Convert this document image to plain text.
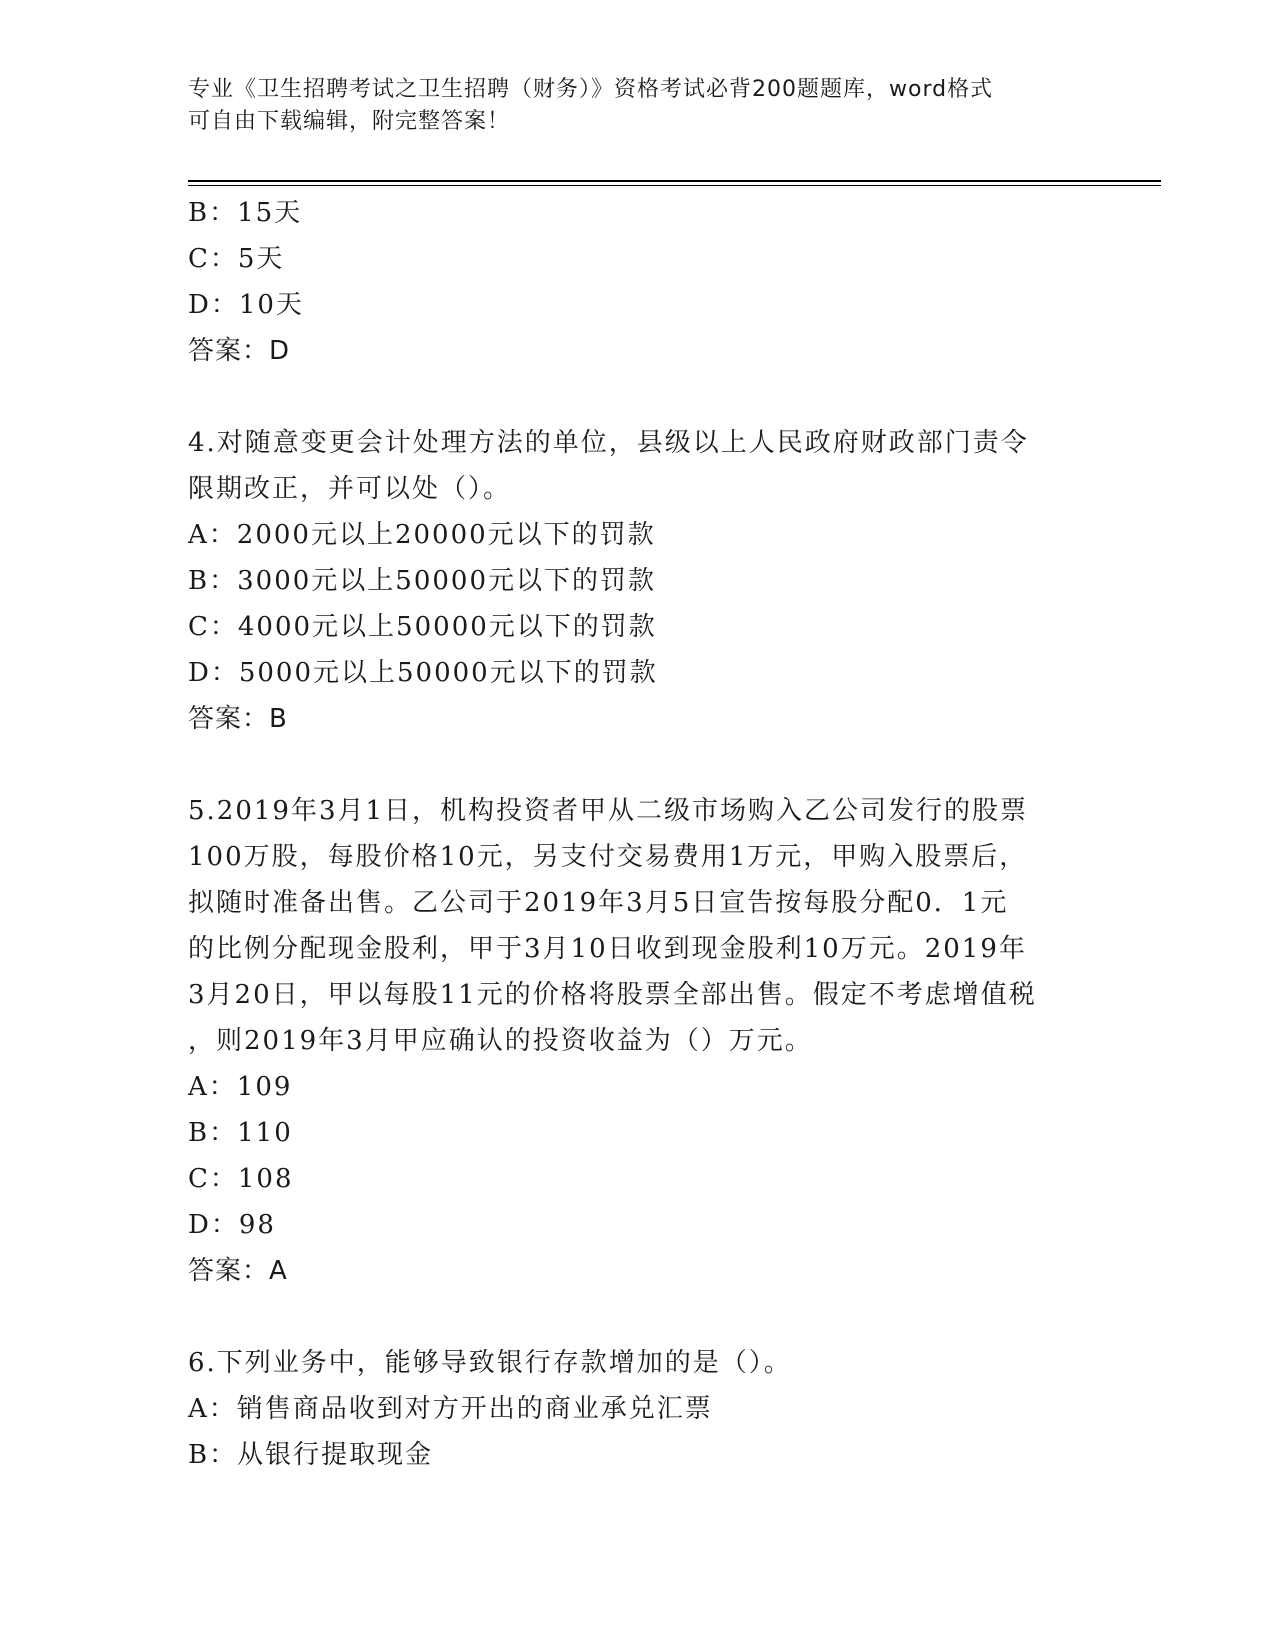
专业《卫生招聘考试之卫生招聘（财务）》资格考试必背200题题库，word格式
可自由下载编辑，附完整答案！
B：15天
C：5天
D：10天
答案：D
4.对随意变更会计处理方法的单位，县级以上人民政府财政部门责令
限期改正，并可以处（）。
A：2000元以上20000元以下的罚款
B：3000元以上50000元以下的罚款
C：4000元以上50000元以下的罚款
D：5000元以上50000元以下的罚款
答案：B
5.2019年3月1日，机构投资者甲从二级市场购入乙公司发行的股票
100万股，每股价格10元，另支付交易费用1万元，甲购入股票后，
拟随时准备出售。乙公司于2019年3月5日宣告按每股分配0．1元
的比例分配现金股利，甲于3月10日收到现金股利10万元。2019年
3月20日，甲以每股11元的价格将股票全部出售。假定不考虑增值税
，则2019年3月甲应确认的投资收益为（）万元。
A：109
B：110
C：108
D：98
答案：A
6.下列业务中，能够导致银行存款增加的是（）。
A：销售商品收到对方开出的商业承兑汇票
B：从银行提取现金
